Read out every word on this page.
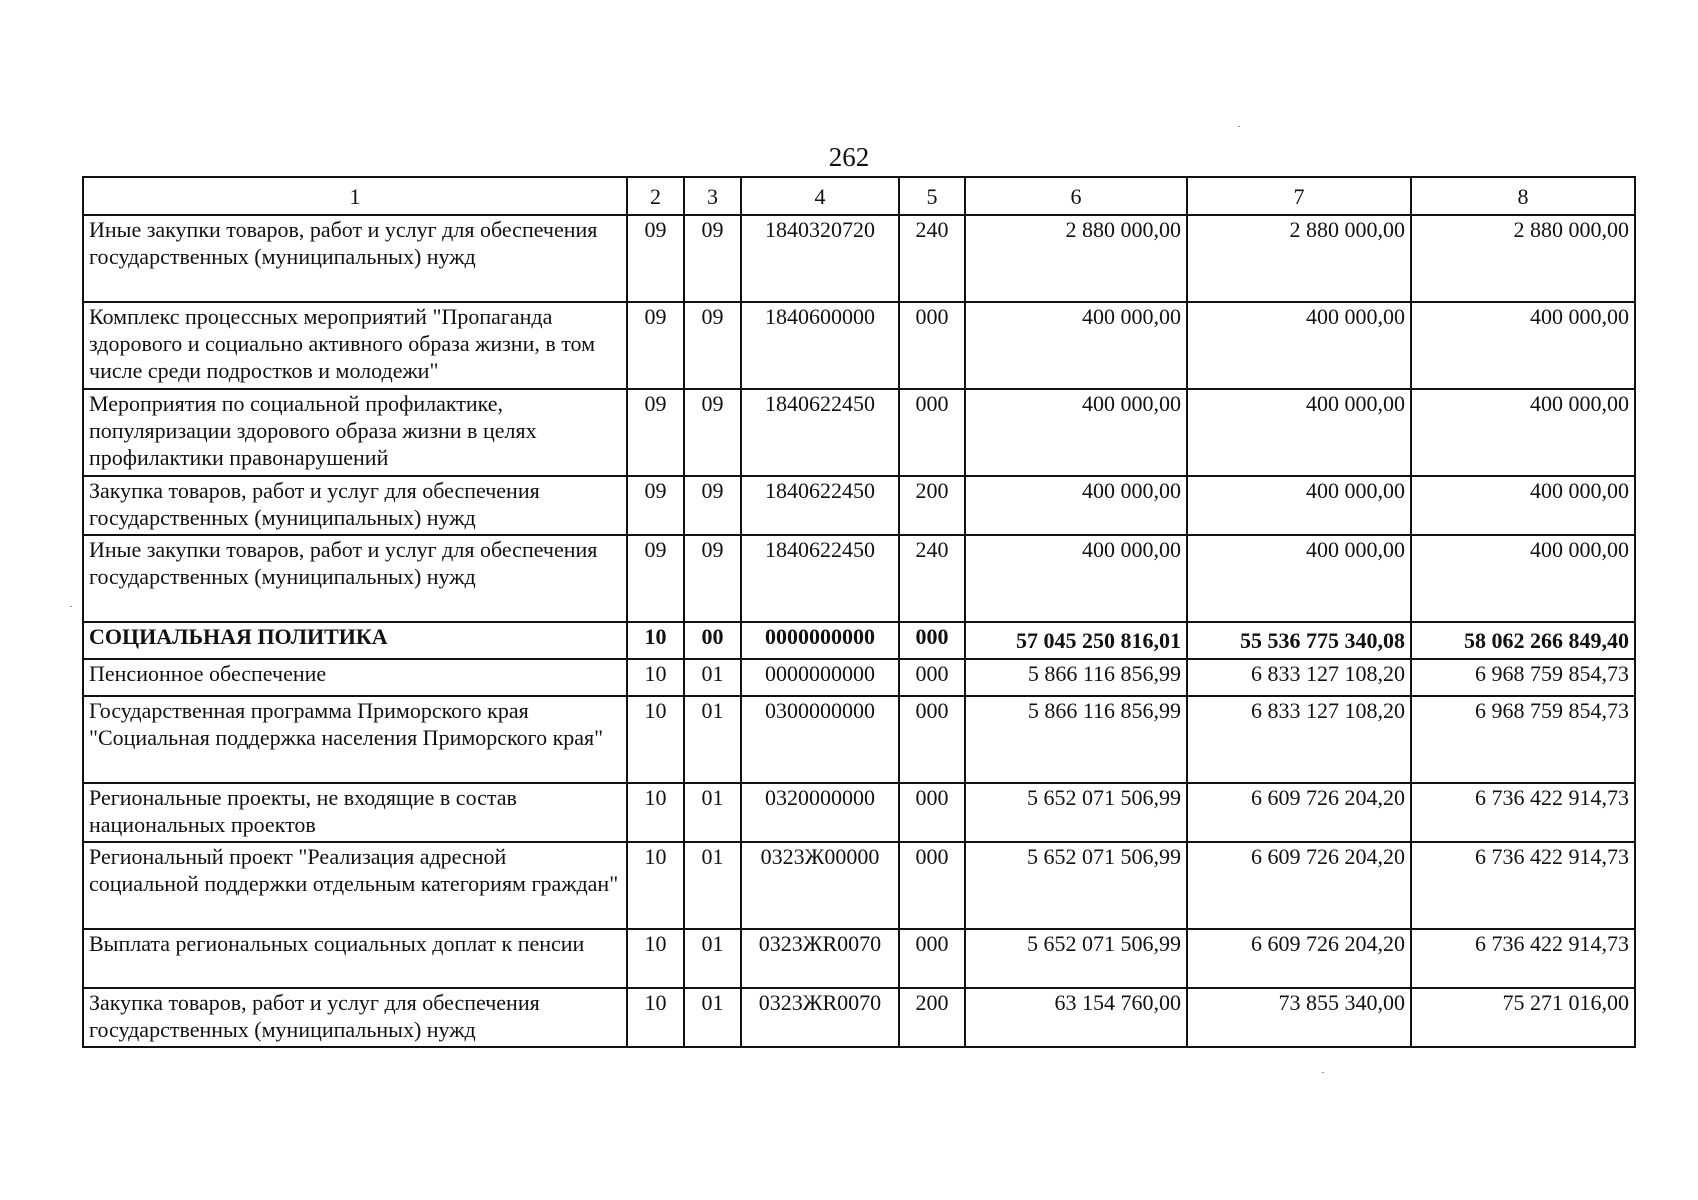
262
1	2	3	4	5	6	7	8
Иные закупки товаров, работ и услуг для обеспечения государственных (муниципальных) нужд	09	09	1840320720	240	2 880 000,00	2 880 000,00	2 880 000,00
Комплекс процессных мероприятий "Пропаганда здорового и социально активного образа жизни, в том числе среди подростков и молодежи"	09	09	1840600000	000	400 000,00	400 000,00	400 000,00
Мероприятия по социальной профилактике, популяризации здорового образа жизни в целях профилактики правонарушений	09	09	1840622450	000	400 000,00	400 000,00	400 000,00
Закупка товаров, работ и услуг для обеспечения государственных (муниципальных) нужд	09	09	1840622450	200	400 000,00	400 000,00	400 000,00
Иные закупки товаров, работ и услуг для обеспечения государственных (муниципальных) нужд	09	09	1840622450	240	400 000,00	400 000,00	400 000,00
СОЦИАЛЬНАЯ ПОЛИТИКА	10	00	0000000000	000	57 045 250 816,01	55 536 775 340,08	58 062 266 849,40
Пенсионное обеспечение	10	01	0000000000	000	5 866 116 856,99	6 833 127 108,20	6 968 759 854,73
Государственная программа Приморского края "Социальная поддержка населения Приморского края"	10	01	0300000000	000	5 866 116 856,99	6 833 127 108,20	6 968 759 854,73
Региональные проекты, не входящие в состав национальных проектов	10	01	0320000000	000	5 652 071 506,99	6 609 726 204,20	6 736 422 914,73
Региональный проект "Реализация адресной социальной поддержки отдельным категориям граждан"	10	01	0323Ж00000	000	5 652 071 506,99	6 609 726 204,20	6 736 422 914,73
Выплата региональных социальных доплат к пенсии	10	01	0323ЖR0070	000	5 652 071 506,99	6 609 726 204,20	6 736 422 914,73
Закупка товаров, работ и услуг для обеспечения государственных (муниципальных) нужд	10	01	0323ЖR0070	200	63 154 760,00	73 855 340,00	75 271 016,00
